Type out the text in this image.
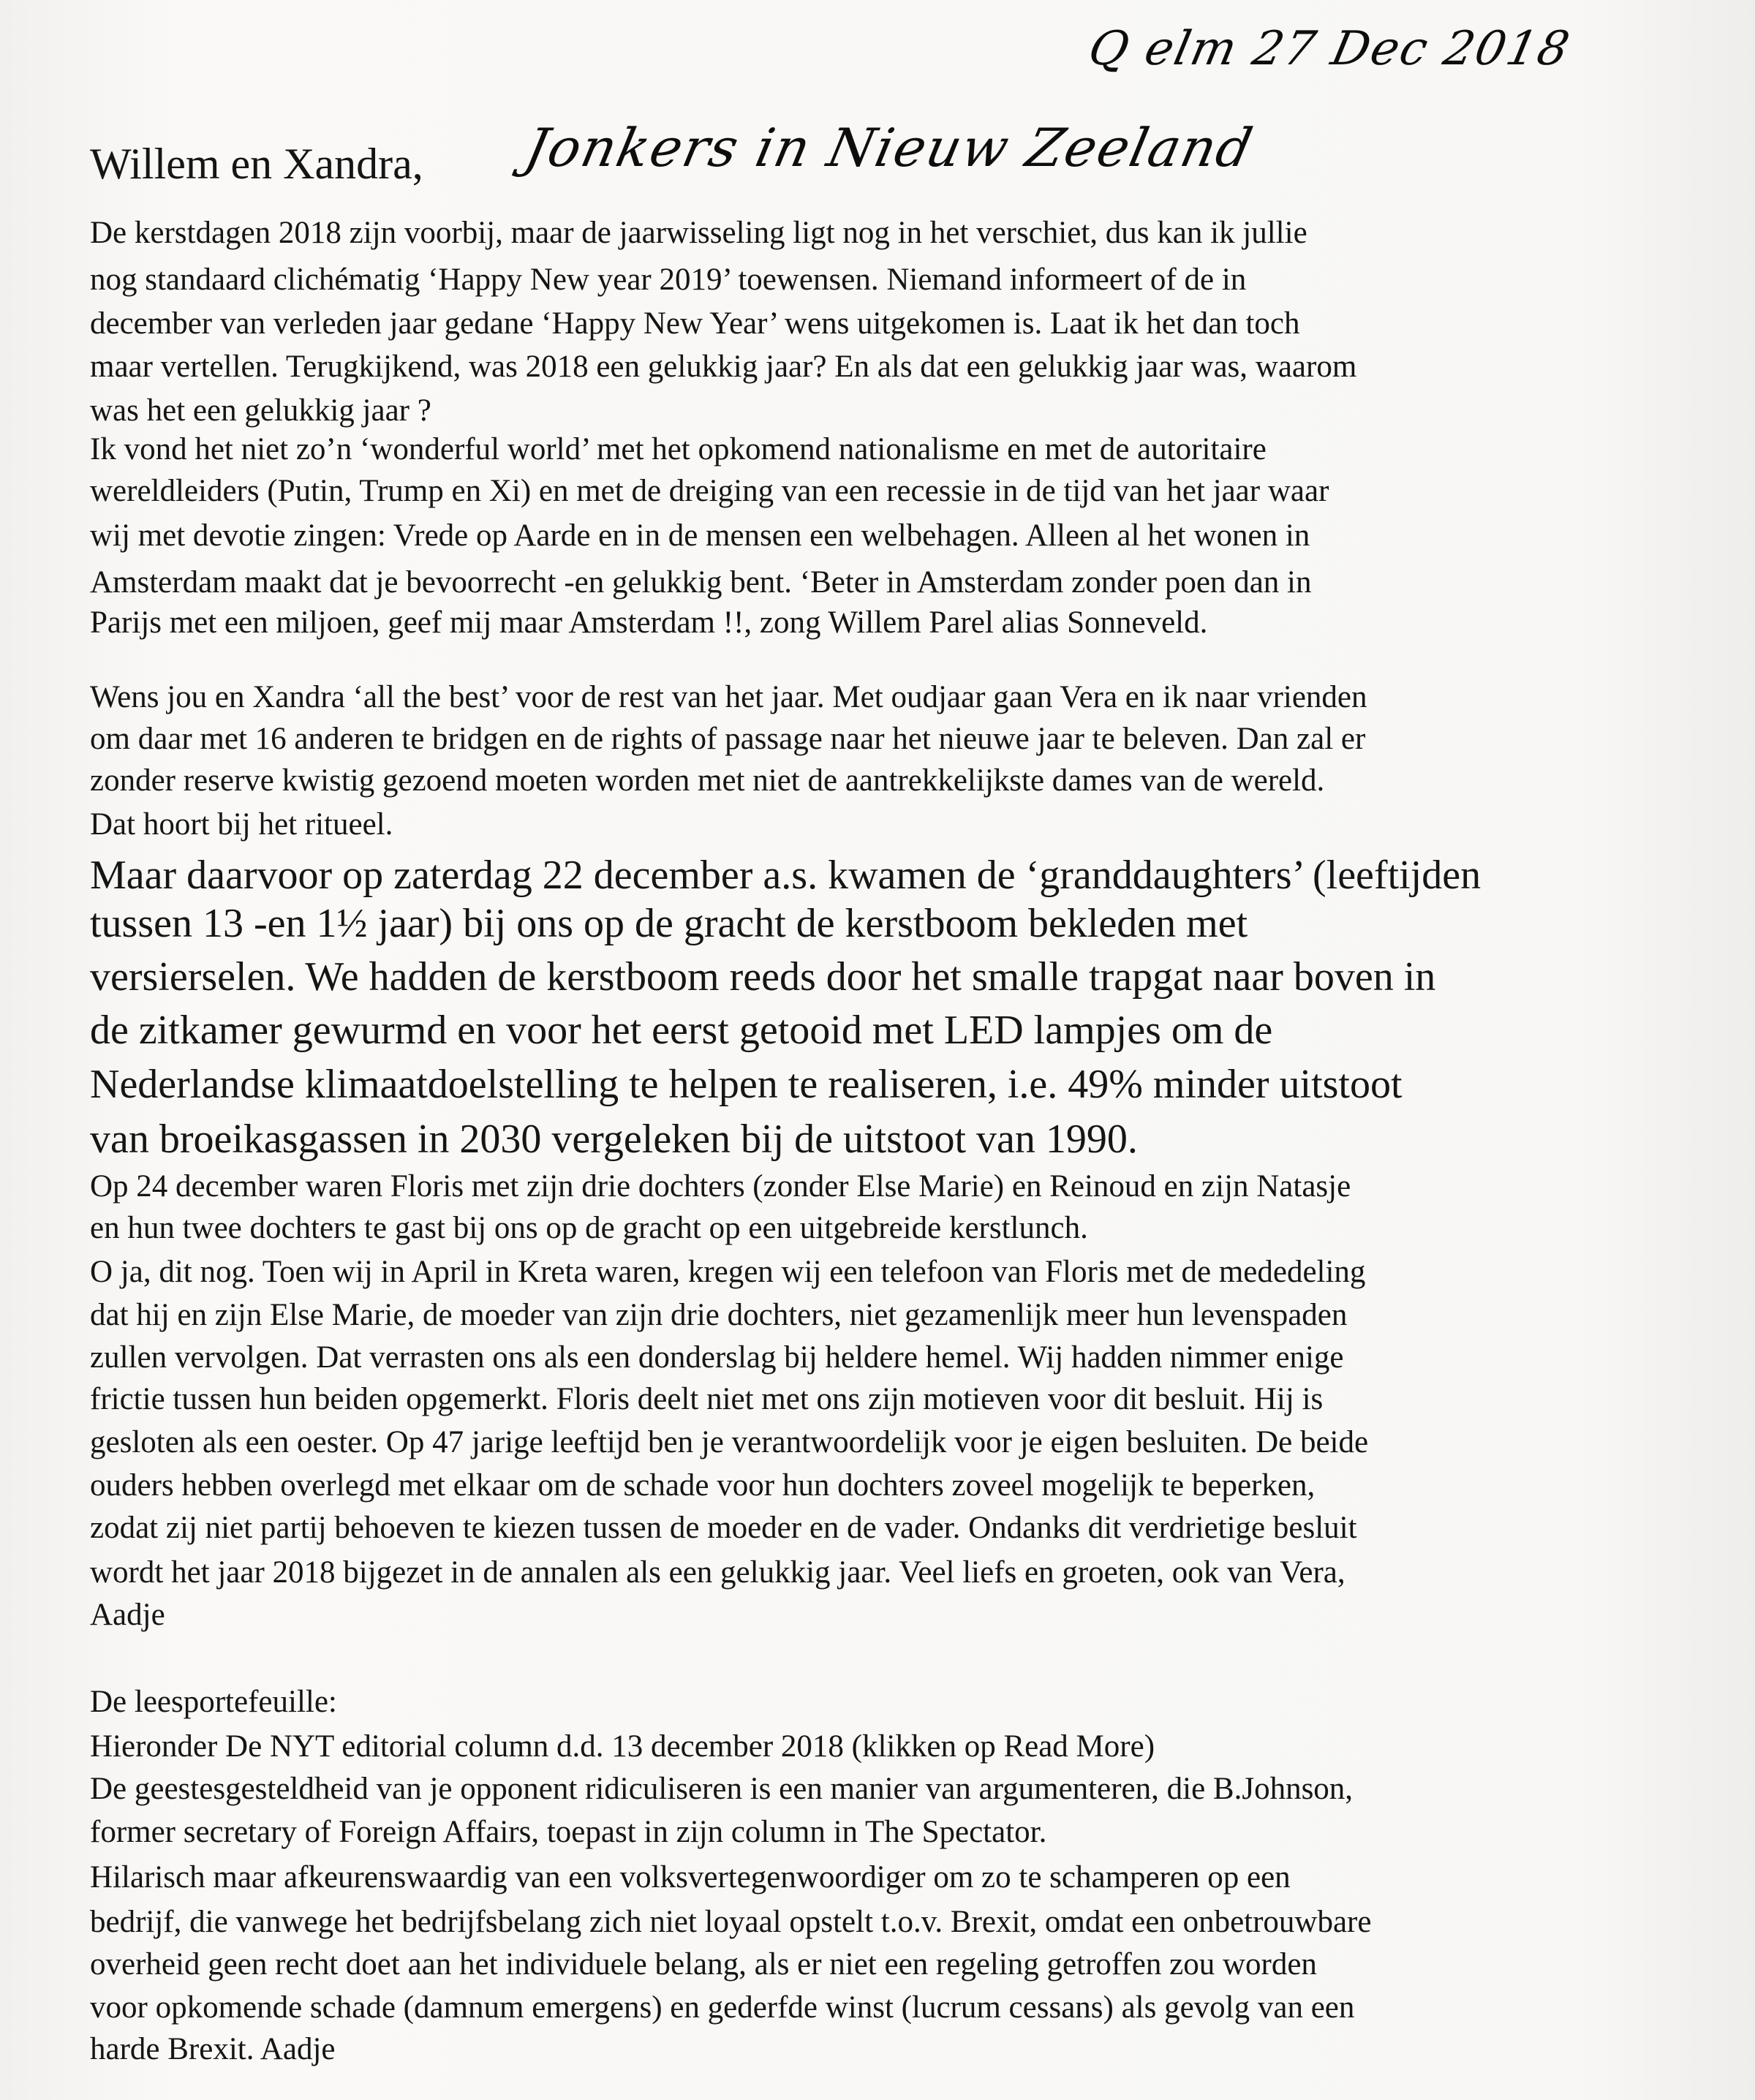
Q elm 27 Dec 2018
Willem en Xandra, Jonkers in Nieuw Zeeland
De kerstdagen 2018 zijn voorbij, maar de jaarwisseling ligt nog in het verschiet, dus kan ik jullie
nog standaard clichématig ‘Happy New year 2019’ toewensen. Niemand informeert of de in
december van verleden jaar gedane ‘Happy New Year’ wens uitgekomen is. Laat ik het dan toch
maar vertellen. Terugkijkend, was 2018 een gelukkig jaar? En als dat een gelukkig jaar was, waarom
was het een gelukkig jaar ?
Ik vond het niet zo’n ‘wonderful world’ met het opkomend nationalisme en met de autoritaire
wereldleiders (Putin, Trump en Xi) en met de dreiging van een recessie in de tijd van het jaar waar
wij met devotie zingen: Vrede op Aarde en in de mensen een welbehagen. Alleen al het wonen in
Amsterdam maakt dat je bevoorrecht -en gelukkig bent. ‘Beter in Amsterdam zonder poen dan in
Parijs met een miljoen, geef mij maar Amsterdam !!, zong Willem Parel alias Sonneveld.
Wens jou en Xandra ‘all the best’ voor de rest van het jaar. Met oudjaar gaan Vera en ik naar vrienden
om daar met 16 anderen te bridgen en de rights of passage naar het nieuwe jaar te beleven. Dan zal er
zonder reserve kwistig gezoend moeten worden met niet de aantrekkelijkste dames van de wereld.
Dat hoort bij het ritueel.
Maar daarvoor op zaterdag 22 december a.s. kwamen de ‘granddaughters’ (leeftijden
tussen 13 -en 1½ jaar) bij ons op de gracht de kerstboom bekleden met
versierselen. We hadden de kerstboom reeds door het smalle trapgat naar boven in
de zitkamer gewurmd en voor het eerst getooid met LED lampjes om de
Nederlandse klimaatdoelstelling te helpen te realiseren, i.e. 49% minder uitstoot
van broeikasgassen in 2030 vergeleken bij de uitstoot van 1990.
Op 24 december waren Floris met zijn drie dochters (zonder Else Marie) en Reinoud en zijn Natasje
en hun twee dochters te gast bij ons op de gracht op een uitgebreide kerstlunch.
O ja, dit nog. Toen wij in April in Kreta waren, kregen wij een telefoon van Floris met de mededeling
dat hij en zijn Else Marie, de moeder van zijn drie dochters, niet gezamenlijk meer hun levenspaden
zullen vervolgen. Dat verrasten ons als een donderslag bij heldere hemel. Wij hadden nimmer enige
frictie tussen hun beiden opgemerkt. Floris deelt niet met ons zijn motieven voor dit besluit. Hij is
gesloten als een oester. Op 47 jarige leeftijd ben je verantwoordelijk voor je eigen besluiten. De beide
ouders hebben overlegd met elkaar om de schade voor hun dochters zoveel mogelijk te beperken,
zodat zij niet partij behoeven te kiezen tussen de moeder en de vader. Ondanks dit verdrietige besluit
wordt het jaar 2018 bijgezet in de annalen als een gelukkig jaar. Veel liefs en groeten, ook van Vera,
Aadje
De leesportefeuille:
Hieronder De NYT editorial column d.d. 13 december 2018 (klikken op Read More)
De geestesgesteldheid van je opponent ridiculiseren is een manier van argumenteren, die B.Johnson,
former secretary of Foreign Affairs, toepast in zijn column in The Spectator.
Hilarisch maar afkeurenswaardig van een volksvertegenwoordiger om zo te schamperen op een
bedrijf, die vanwege het bedrijfsbelang zich niet loyaal opstelt t.o.v. Brexit, omdat een onbetrouwbare
overheid geen recht doet aan het individuele belang, als er niet een regeling getroffen zou worden
voor opkomende schade (damnum emergens) en gederfde winst (lucrum cessans) als gevolg van een
harde Brexit. Aadje
